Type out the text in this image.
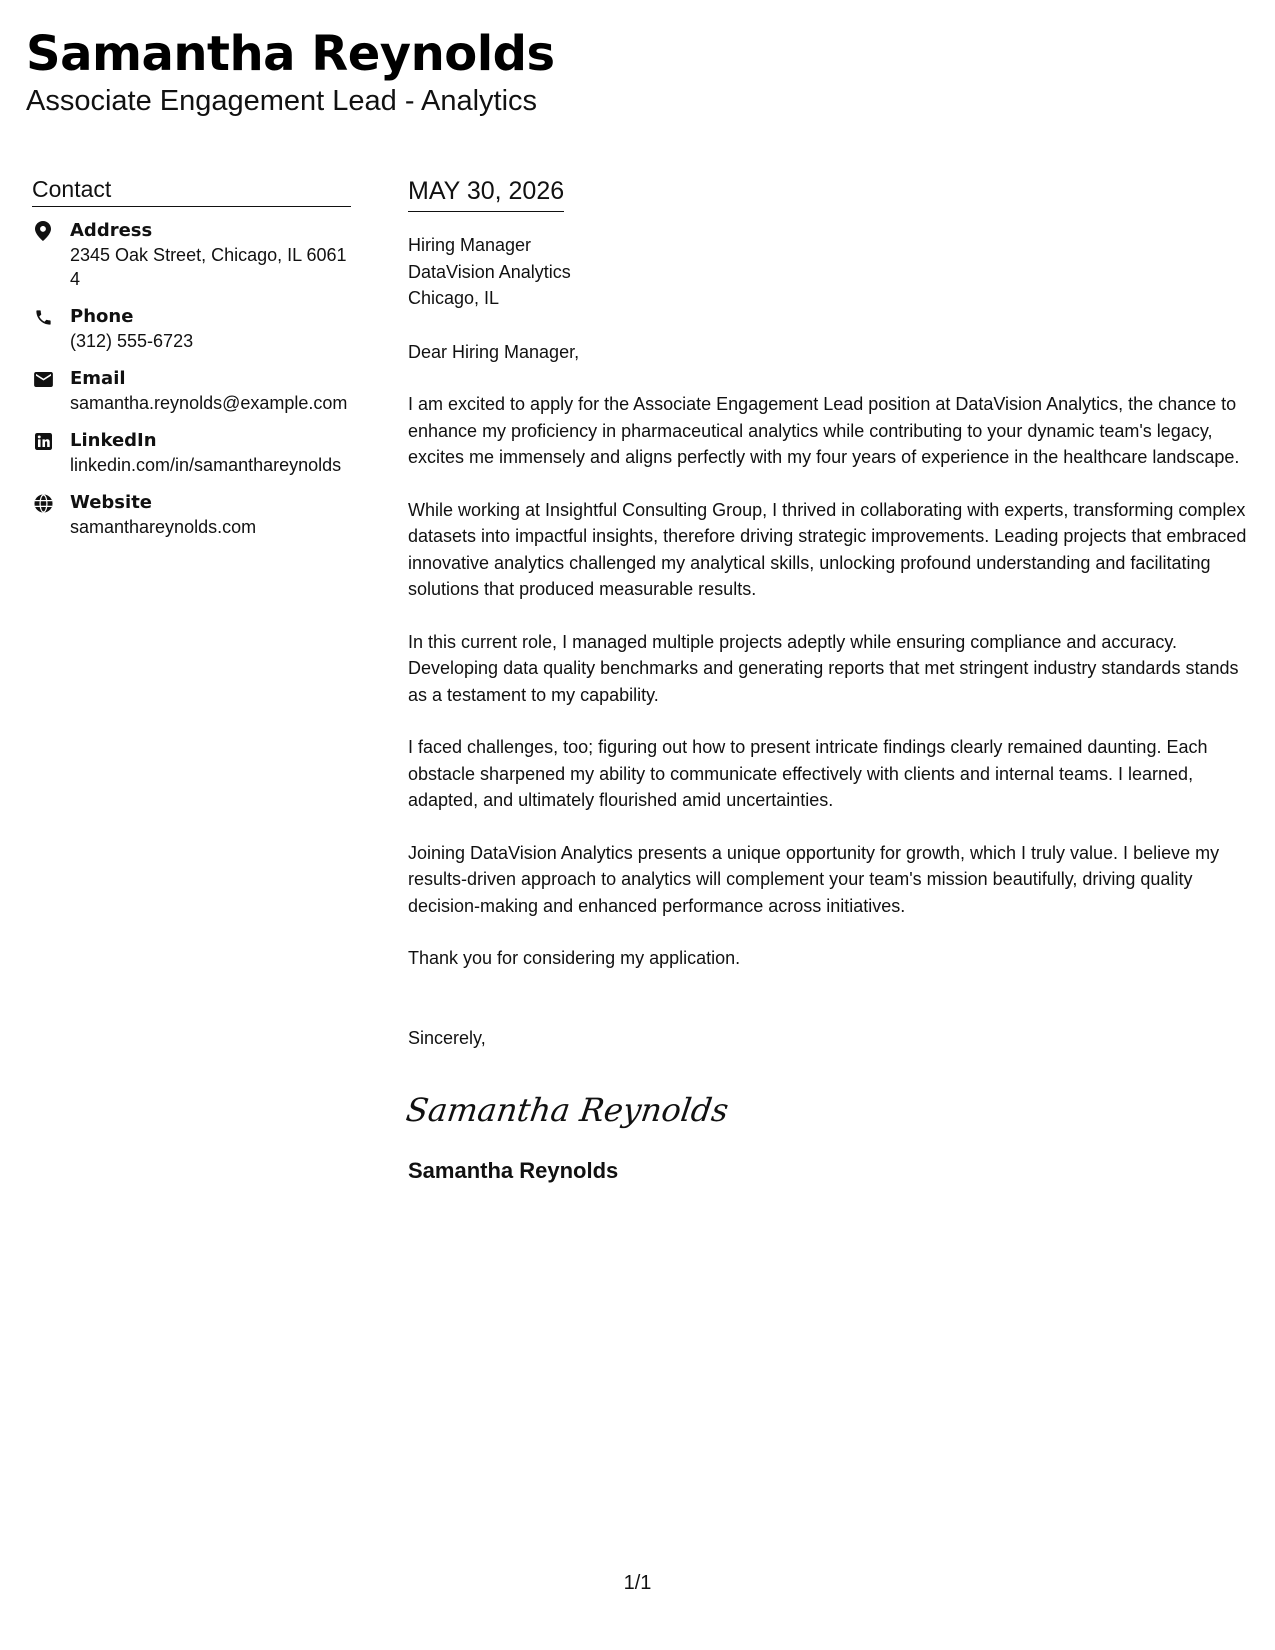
Samantha Reynolds
Associate Engagement Lead - Analytics
Contact
Address
2345 Oak Street, Chicago, IL 60614
Phone
(312) 555-6723
Email
samantha.reynolds@example.com
LinkedIn
linkedin.com/in/samanthareynolds
Website
samanthareynolds.com
MAY 30, 2026
Hiring Manager
DataVision Analytics
Chicago, IL
Dear Hiring Manager,

I am excited to apply for the Associate Engagement Lead position at DataVision Analytics, the chance to enhance my proficiency in pharmaceutical analytics while contributing to your dynamic team's legacy, excites me immensely and aligns perfectly with my four years of experience in the healthcare landscape.

While working at Insightful Consulting Group, I thrived in collaborating with experts, transforming complex datasets into impactful insights, therefore driving strategic improvements. Leading projects that embraced innovative analytics challenged my analytical skills, unlocking profound understanding and facilitating solutions that produced measurable results.

In this current role, I managed multiple projects adeptly while ensuring compliance and accuracy. Developing data quality benchmarks and generating reports that met stringent industry standards stands as a testament to my capability.

I faced challenges, too; figuring out how to present intricate findings clearly remained daunting. Each obstacle sharpened my ability to communicate effectively with clients and internal teams. I learned, adapted, and ultimately flourished amid uncertainties.

Joining DataVision Analytics presents a unique opportunity for growth, which I truly value. I believe my results-driven approach to analytics will complement your team's mission beautifully, driving quality decision-making and enhanced performance across initiatives.

Thank you for considering my application.

Sincerely,
Samantha Reynolds
Samantha Reynolds
1/1
